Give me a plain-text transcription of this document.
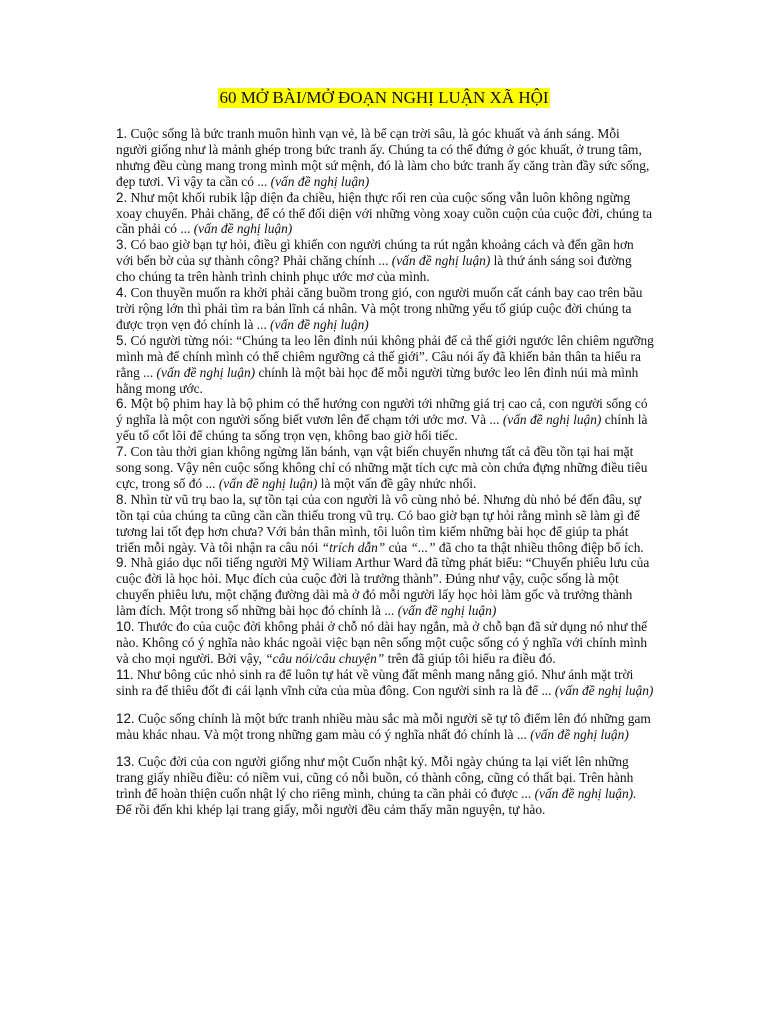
60 MỞ BÀI/MỞ ĐOẠN NGHỊ LUẬN XÃ HỘI

1. Cuộc sống là bức tranh muôn hình vạn vẻ, là bể cạn trời sâu, là góc khuất và ánh sáng. Mỗi người giống như là mảnh ghép trong bức tranh ấy. Chúng ta có thể đứng ở góc khuất, ở trung tâm, nhưng đều cùng mang trong mình một sứ mệnh, đó là làm cho bức tranh ấy căng tràn đầy sức sống, đẹp tươi. Vì vậy ta cần có ... (vấn đề nghị luận)

2. Như một khối rubik lập diện đa chiều, hiện thực rối ren của cuộc sống vẫn luôn không ngừng xoay chuyển. Phải chăng, để có thể đối diện với những vòng xoay cuồn cuộn của cuộc đời, chúng ta cần phải có ... (vấn đề nghị luận)

3. Có bao giờ bạn tự hỏi, điều gì khiến con người chúng ta rút ngắn khoảng cách và đến gần hơn với bến bờ của sự thành công? Phải chăng chính ... (vấn đề nghị luận) là thứ ánh sáng soi đường cho chúng ta trên hành trình chinh phục ước mơ của mình.

4. Con thuyền muốn ra khởi phải căng buồm trong gió, con người muốn cất cánh bay cao trên bầu trời rộng lớn thì phải tìm ra bản lĩnh cá nhân. Và một trong những yếu tố giúp cuộc đời chúng ta được trọn vẹn đó chính là ... (vấn đề nghị luận)

5. Có người từng nói: “Chúng ta leo lên đỉnh núi không phải để cả thế giới ngước lên chiêm ngưỡng mình mà để chính mình có thể chiêm ngưỡng cả thế giới”. Câu nói ấy đã khiến bản thân ta hiểu ra rằng ... (vấn đề nghị luận) chính là một bài học để mỗi người từng bước leo lên đỉnh núi mà mình hằng mong ước.

6. Một bộ phim hay là bộ phim có thể hướng con người tới những giá trị cao cả, con người sống có ý nghĩa là một con người sống biết vươn lên để chạm tới ước mơ. Và ... (vấn đề nghị luận) chính là yếu tố cốt lõi để chúng ta sống trọn vẹn, không bao giờ hối tiếc.

7. Con tàu thời gian không ngừng lăn bánh, vạn vật biến chuyển nhưng tất cả đều tồn tại hai mặt song song. Vậy nên cuộc sống không chỉ có những mặt tích cực mà còn chứa đựng những điều tiêu cực, trong số đó ... (vấn đề nghị luận) là một vấn đề gây nhức nhối.

8. Nhìn từ vũ trụ bao la, sự tồn tại của con người là vô cùng nhỏ bé. Nhưng dù nhỏ bé đến đâu, sự tồn tại của chúng ta cũng cần cần thiếu trong vũ trụ. Có bao giờ bạn tự hỏi rằng mình sẽ làm gì để tương lai tốt đẹp hơn chưa? Với bản thân mình, tôi luôn tìm kiếm những bài học để giúp ta phát triển mỗi ngày. Và tôi nhận ra câu nói “trích dẫn” của “...” đã cho ta thật nhiều thông điệp bổ ích.

9. Nhà giáo dục nổi tiếng người Mỹ Wiliam Arthur Ward đã từng phát biểu: “Chuyến phiêu lưu của cuộc đời là học hỏi. Mục đích của cuộc đời là trưởng thành”. Đúng như vậy, cuộc sống là một chuyến phiêu lưu, một chặng đường dài mà ở đó mỗi người lấy học hỏi làm gốc và trưởng thành làm đích. Một trong số những bài học đó chính là ... (vấn đề nghị luận)

10. Thước đo của cuộc đời không phải ở chỗ nó dài hay ngắn, mà ở chỗ bạn đã sử dụng nó như thế nào. Không có ý nghĩa nào khác ngoài việc bạn nên sống một cuộc sống có ý nghĩa với chính mình và cho mọi người. Bởi vậy, “câu nói/câu chuyện” trên đã giúp tôi hiểu ra điều đó.

11. Như bông cúc nhỏ sinh ra để luôn tự hát về vùng đất mênh mang nắng gió. Như ánh mặt trời sinh ra để thiêu đốt đi cái lạnh vĩnh cửa của mùa đông. Con người sinh ra là để ... (vấn đề nghị luận)

12. Cuộc sống chính là một bức tranh nhiều màu sắc mà mỗi người sẽ tự tô điểm lên đó những gam màu khác nhau. Và một trong những gam màu có ý nghĩa nhất đó chính là ... (vấn đề nghị luận)

13. Cuộc đời của con người giống như một Cuốn nhật ký. Mỗi ngày chúng ta lại viết lên những trang giấy nhiều điều: có niềm vui, cũng có nỗi buồn, có thành công, cũng có thất bại. Trên hành trình để hoàn thiện cuốn nhật lý cho riêng mình, chúng ta cần phải có được ... (vấn đề nghị luận). Để rồi đến khi khép lại trang giấy, mỗi người đều cảm thấy mãn nguyện, tự hào.
